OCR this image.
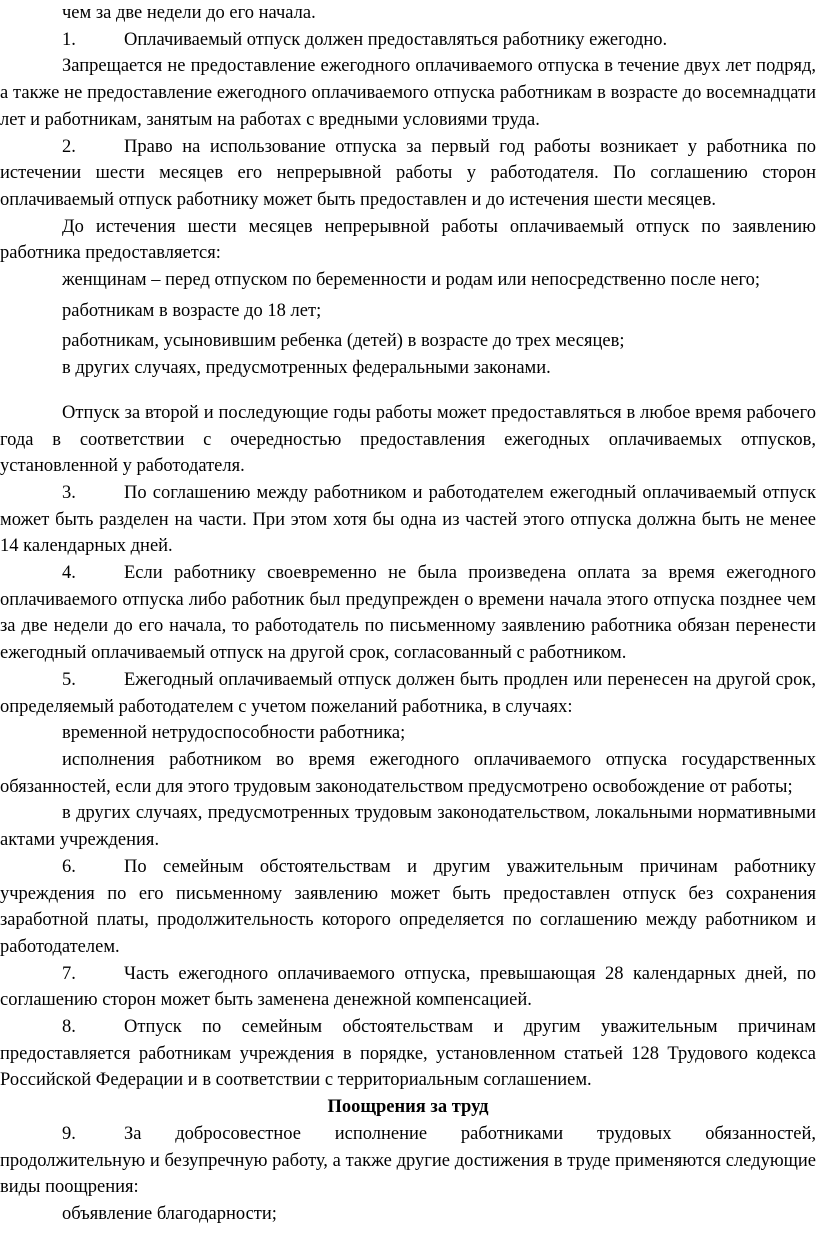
чем за две недели до его начала.

1.	Оплачиваемый отпуск должен предоставляться работнику ежегодно.

Запрещается не предоставление ежегодного оплачиваемого отпуска в течение двух лет подряд, а также не предоставление ежегодного оплачиваемого отпуска работникам в возрасте до восемнадцати лет и работникам, занятым на работах с вредными условиями труда.

2.	Право на использование отпуска за первый год работы возникает у работника по истечении шести месяцев его непрерывной работы у работодателя. По соглашению сторон оплачиваемый отпуск работнику может быть предоставлен и до истечения шести месяцев.

До истечения шести месяцев непрерывной работы оплачиваемый отпуск по заявлению работника предоставляется:

женщинам – перед отпуском по беременности и родам или непосредственно после него;

работникам в возрасте до 18 лет;

работникам, усыновившим ребенка (детей) в возрасте до трех месяцев;

в других случаях, предусмотренных федеральными законами.

Отпуск за второй и последующие годы работы может предоставляться в любое время рабочего года в соответствии с очередностью предоставления ежегодных оплачиваемых отпусков, установленной у работодателя.

3.	По соглашению между работником и работодателем ежегодный оплачиваемый отпуск может быть разделен на части. При этом хотя бы одна из частей этого отпуска должна быть не менее 14 календарных дней.

4.	Если работнику своевременно не была произведена оплата за время ежегодного оплачиваемого отпуска либо работник был предупрежден о времени начала этого отпуска позднее чем за две недели до его начала, то работодатель по письменному заявлению работника обязан перенести ежегодный оплачиваемый отпуск на другой срок, согласованный с работником.

5.	Ежегодный оплачиваемый отпуск должен быть продлен или перенесен на другой срок, определяемый работодателем с учетом пожеланий работника, в случаях:

временной нетрудоспособности работника;

исполнения работником во время ежегодного оплачиваемого отпуска государственных обязанностей, если для этого трудовым законодательством предусмотрено освобождение от работы;

в других случаях, предусмотренных трудовым законодательством, локальными нормативными актами учреждения.

6.	По семейным обстоятельствам и другим уважительным причинам работнику учреждения по его письменному заявлению может быть предоставлен отпуск без сохранения заработной платы, продолжительность которого определяется по соглашению между работником и работодателем.

7.	Часть ежегодного оплачиваемого отпуска, превышающая 28 календарных дней, по соглашению сторон может быть заменена денежной компенсацией.

8.	Отпуск по семейным обстоятельствам и другим уважительным причинам предоставляется работникам учреждения в порядке, установленном статьей 128 Трудового кодекса Российской Федерации и в соответствии с территориальным соглашением.

Поощрения за труд

9.	За добросовестное исполнение работниками трудовых обязанностей, продолжительную и безупречную работу, а также другие достижения в труде применяются следующие виды поощрения:

объявление благодарности;
